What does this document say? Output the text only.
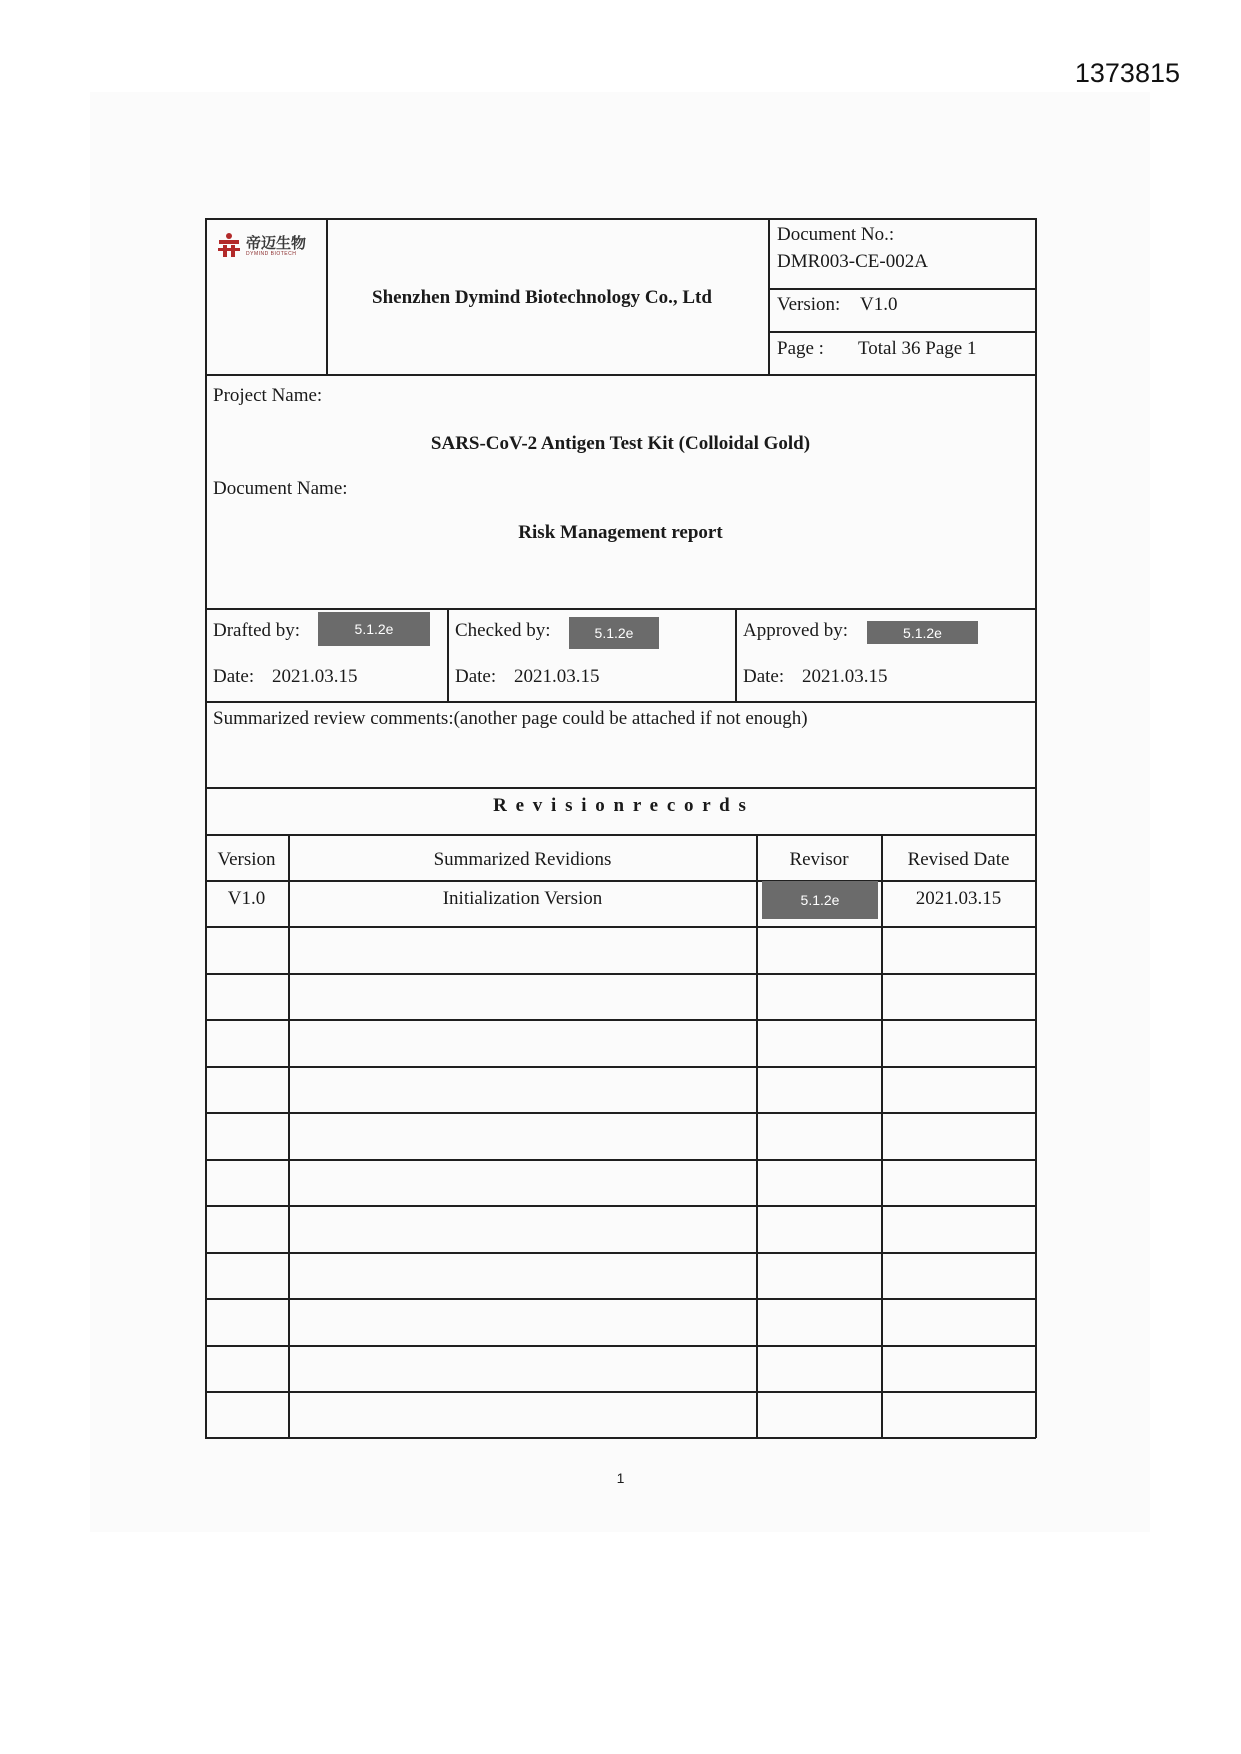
1373815
帝迈生物
DYMIND BIOTECH
Shenzhen Dymind Biotechnology Co., Ltd
Document No.:
DMR003-CE-002A
Version: V1.0
Page : Total 36 Page 1
Project Name:
SARS-CoV-2 Antigen Test Kit (Colloidal Gold)
Document Name:
Risk Management report
Drafted by:	5.1.2e
Date: 2021.03.15
Checked by:	5.1.2e
Date: 2021.03.15
Approved by:	5.1.2e
Date: 2021.03.15
Summarized review comments:(another page could be attached if not enough)
R e v i s i o n r e c o r d s
Version	Summarized Revidions	Revisor	Revised Date
V1.0	Initialization Version	5.1.2e	2021.03.15
1
